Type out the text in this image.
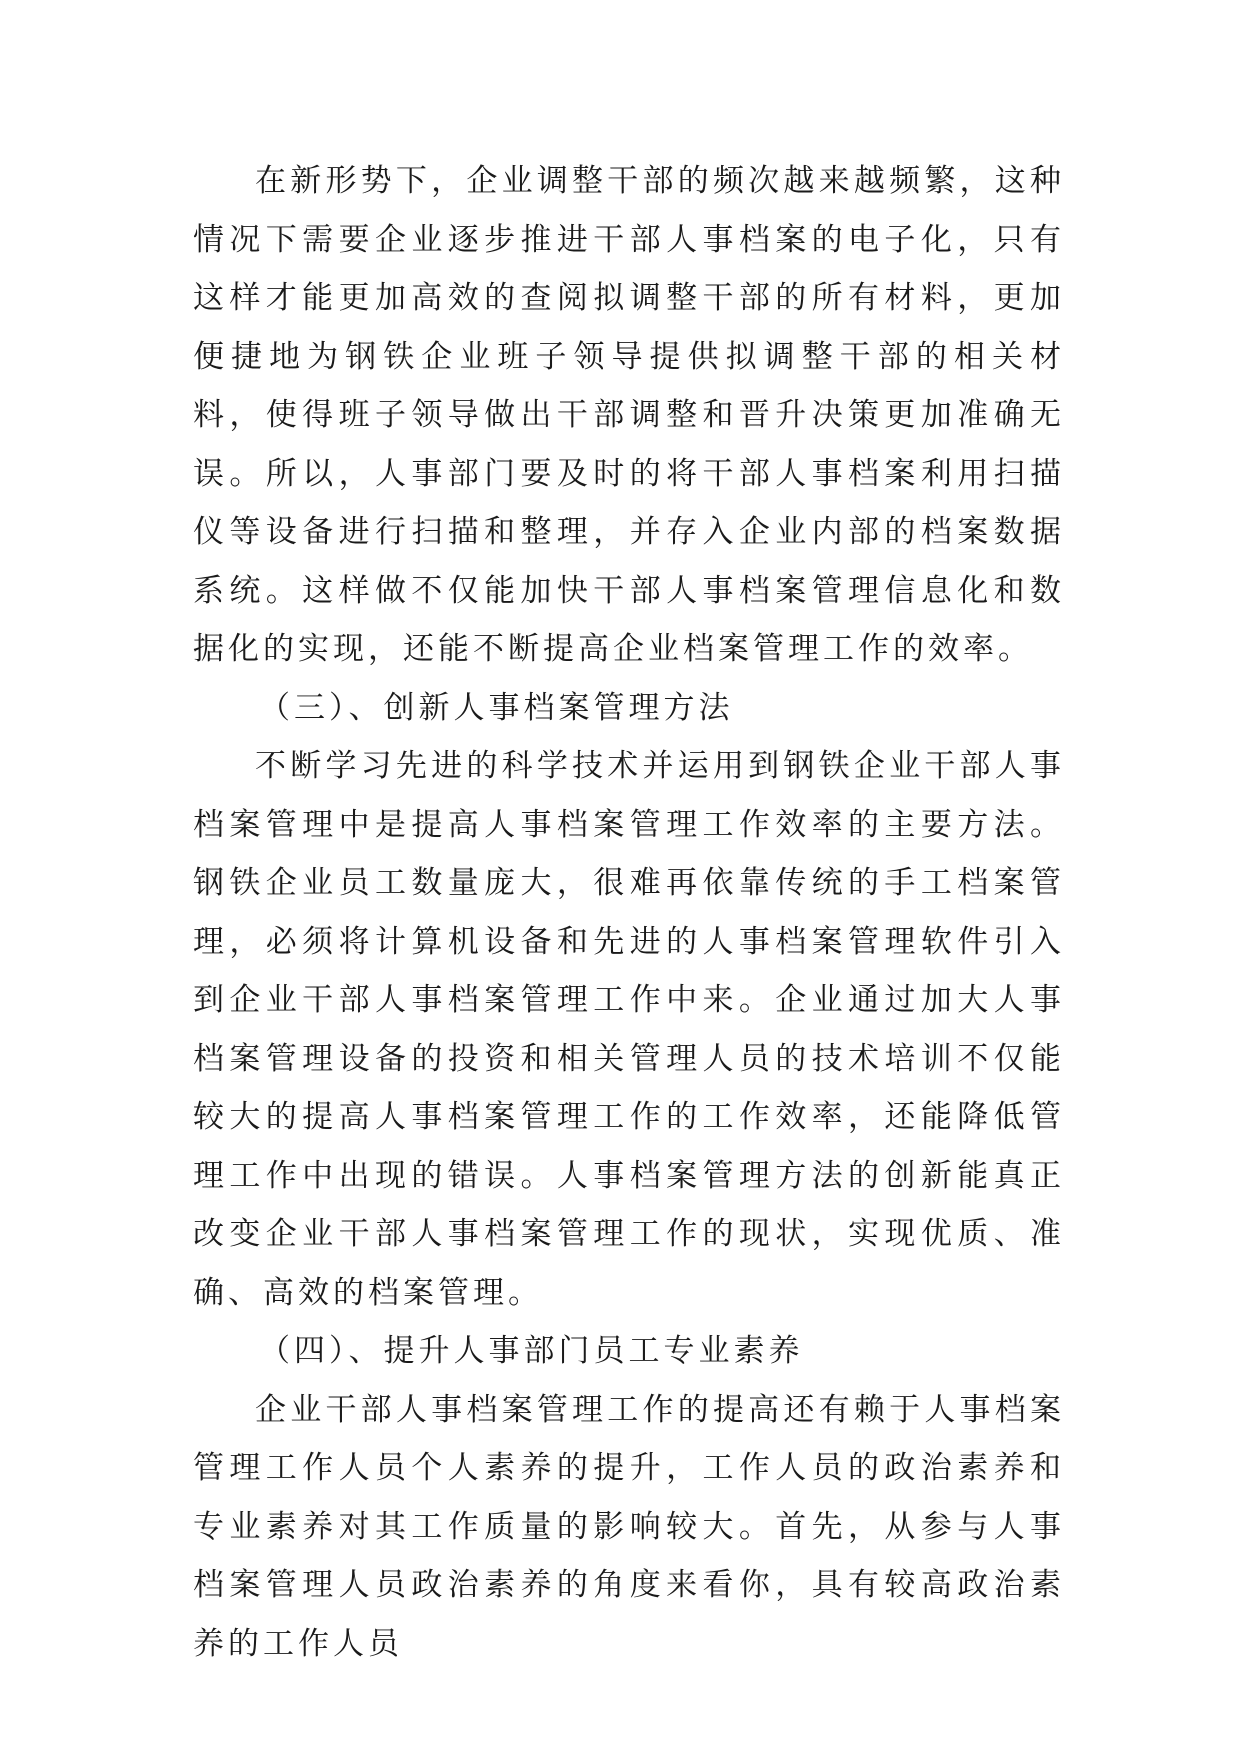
在新形势下，企业调整干部的频次越来越频繁，这种情况下需要企业逐步推进干部人事档案的电子化，只有这样才能更加高效的查阅拟调整干部的所有材料，更加便捷地为钢铁企业班子领导提供拟调整干部的相关材料，使得班子领导做出干部调整和晋升决策更加准确无误。所以，人事部门要及时的将干部人事档案利用扫描仪等设备进行扫描和整理，并存入企业内部的档案数据系统。这样做不仅能加快干部人事档案管理信息化和数据化的实现，还能不断提高企业档案管理工作的效率。

（三）、创新人事档案管理方法

不断学习先进的科学技术并运用到钢铁企业干部人事档案管理中是提高人事档案管理工作效率的主要方法。钢铁企业员工数量庞大，很难再依靠传统的手工档案管理，必须将计算机设备和先进的人事档案管理软件引入到企业干部人事档案管理工作中来。企业通过加大人事档案管理设备的投资和相关管理人员的技术培训不仅能较大的提高人事档案管理工作的工作效率，还能降低管理工作中出现的错误。人事档案管理方法的创新能真正改变企业干部人事档案管理工作的现状，实现优质、准确、高效的档案管理。

（四）、提升人事部门员工专业素养

企业干部人事档案管理工作的提高还有赖于人事档案管理工作人员个人素养的提升，工作人员的政治素养和专业素养对其工作质量的影响较大。首先，从参与人事档案管理人员政治素养的角度来看你，具有较高政治素养的工作人员
